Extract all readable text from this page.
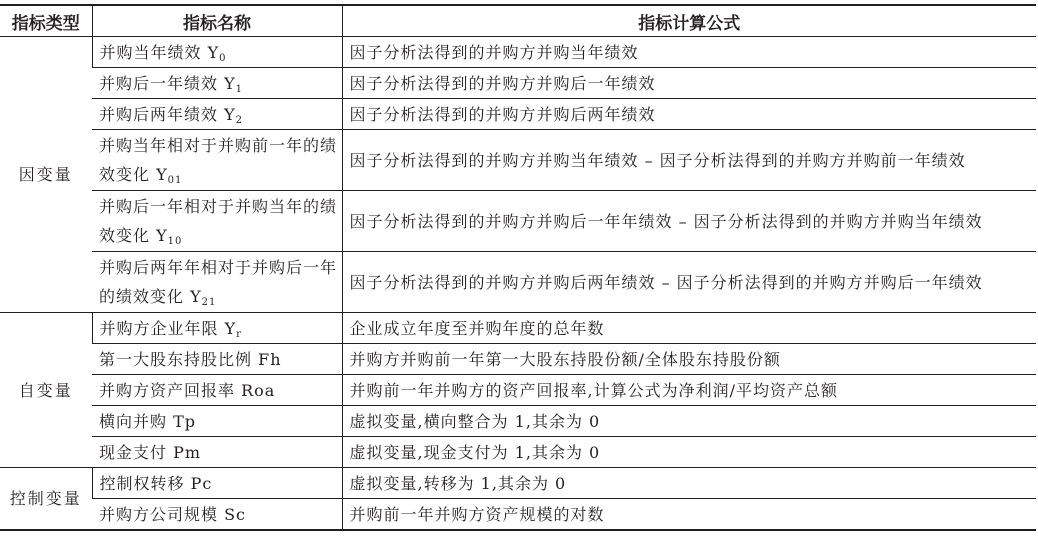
指标类型	指标名称	指标计算公式
因变量	并购当年绩效 $Y_0$	因子分析法得到的并购方并购当年绩效
	并购后一年绩效 $Y_1$	因子分析法得到的并购方并购后一年绩效
	并购后两年绩效 $Y_2$	因子分析法得到的并购方并购后两年绩效
	并购当年相对于并购前一年的绩效变化 $Y_{01}$	因子分析法得到的并购方并购当年绩效 – 因子分析法得到的并购方并购前一年绩效
	并购后一年相对于并购当年的绩效变化 $Y_{10}$	因子分析法得到的并购方并购后一年年绩效 – 因子分析法得到的并购方并购当年绩效
	并购后两年年相对于并购后一年的绩效变化 $Y_{21}$	因子分析法得到的并购方并购后两年绩效 – 因子分析法得到的并购方并购后一年绩效
自变量	并购方企业年限 $Y_r$	企业成立年度至并购年度的总年数
	第一大股东持股比例 Fh	并购方并购前一年第一大股东持股份额/全体股东持股份额
	并购方资产回报率 Roa	并购前一年并购方的资产回报率,计算公式为净利润/平均资产总额
	横向并购 Tp	虚拟变量,横向整合为 1,其余为 0
	现金支付 Pm	虚拟变量,现金支付为 1,其余为 0
控制变量	控制权转移 Pc	虚拟变量,转移为 1,其余为 0
	并购方公司规模 Sc	并购前一年并购方资产规模的对数
